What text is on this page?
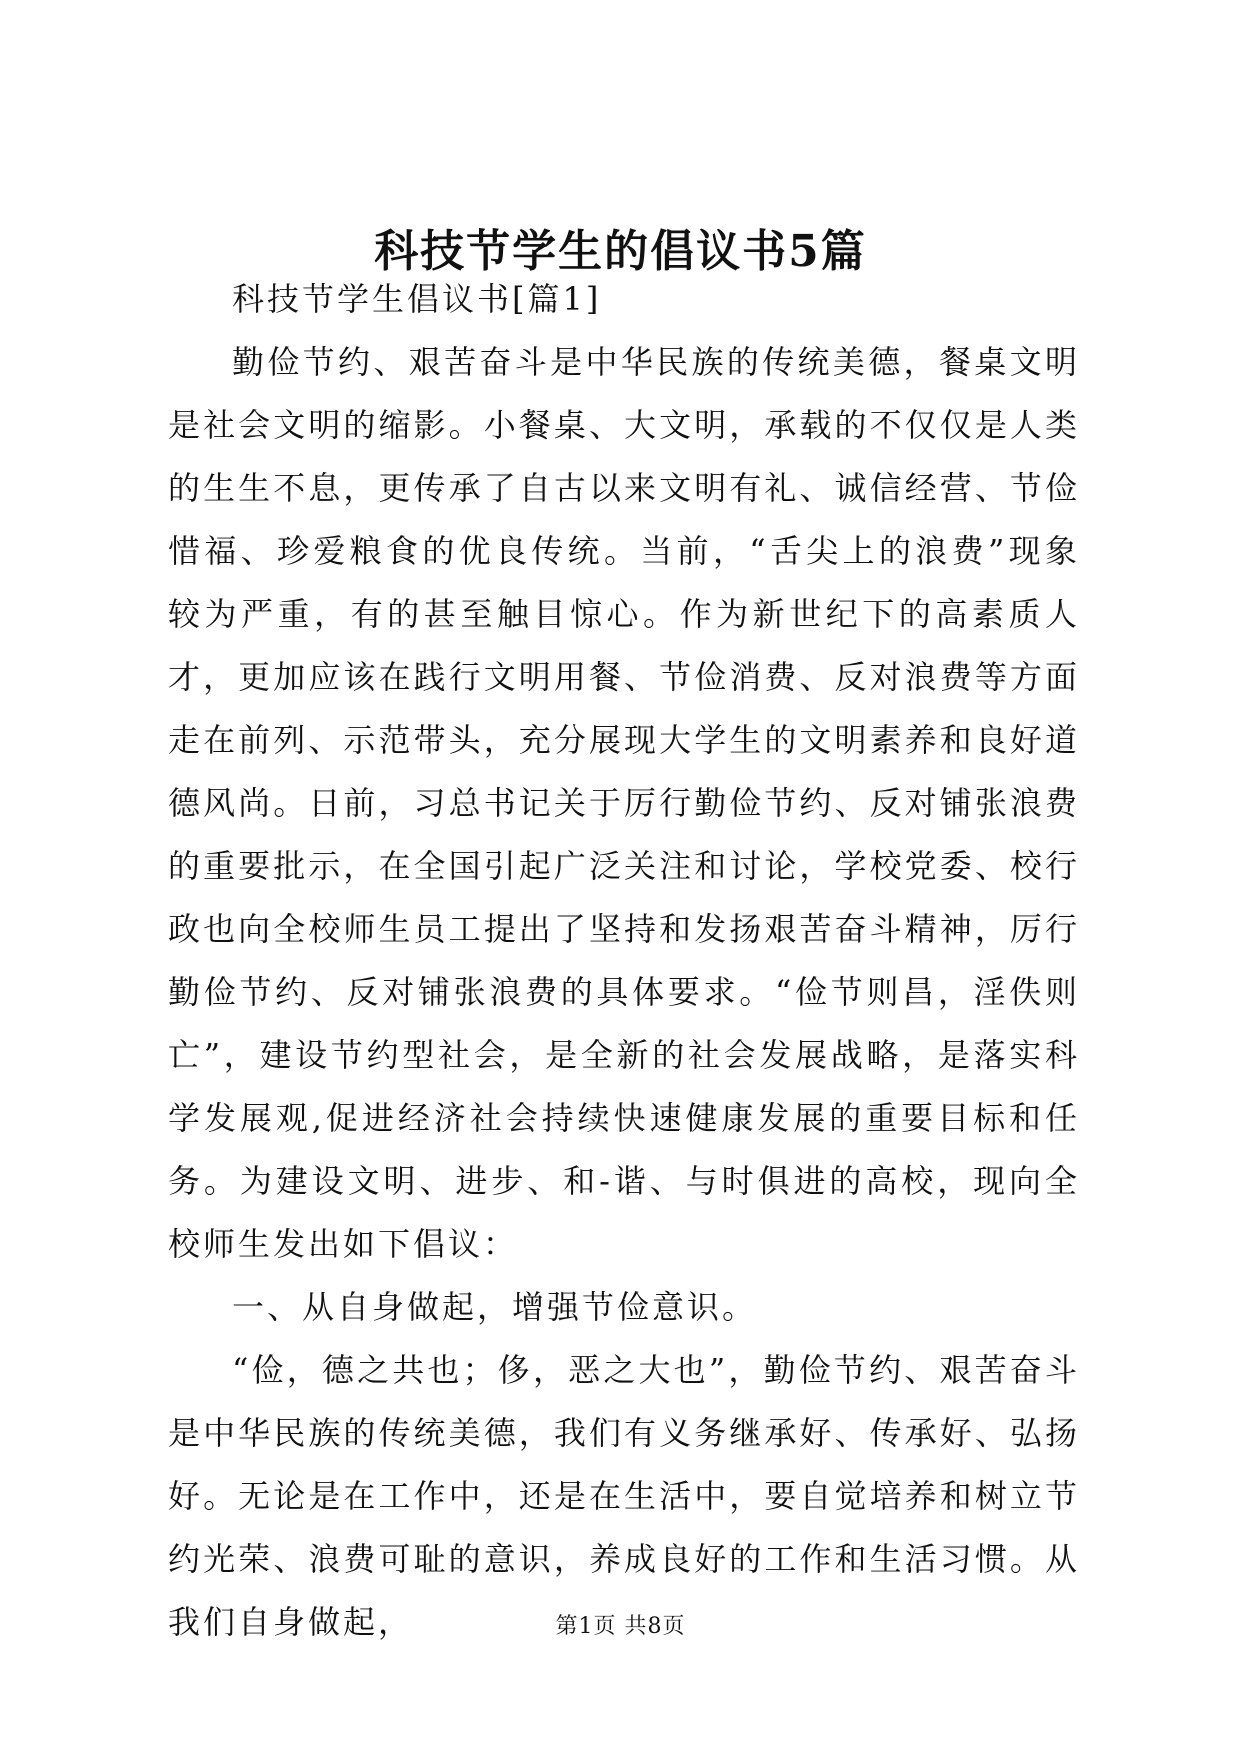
科技节学生的倡议书5篇

科技节学生倡议书[篇1]

勤俭节约、艰苦奋斗是中华民族的传统美德，餐桌文明是社会文明的缩影。小餐桌、大文明，承载的不仅仅是人类的生生不息，更传承了自古以来文明有礼、诚信经营、节俭惜福、珍爱粮食的优良传统。当前，“舌尖上的浪费”现象较为严重，有的甚至触目惊心。作为新世纪下的高素质人才，更加应该在践行文明用餐、节俭消费、反对浪费等方面走在前列、示范带头，充分展现大学生的文明素养和良好道德风尚。日前，习总书记关于厉行勤俭节约、反对铺张浪费的重要批示，在全国引起广泛关注和讨论，学校党委、校行政也向全校师生员工提出了坚持和发扬艰苦奋斗精神，厉行勤俭节约、反对铺张浪费的具体要求。“俭节则昌，淫佚则亡”，建设节约型社会，是全新的社会发展战略，是落实科学发展观,促进经济社会持续快速健康发展的重要目标和任务。为建设文明、进步、和-谐、与时俱进的高校，现向全校师生发出如下倡议：

一、从自身做起，增强节俭意识。

“俭，德之共也；侈，恶之大也”，勤俭节约、艰苦奋斗是中华民族的传统美德，我们有义务继承好、传承好、弘扬好。无论是在工作中，还是在生活中，要自觉培养和树立节约光荣、浪费可耻的意识，养成良好的工作和生活习惯。从我们自身做起，	第1页 共8页
